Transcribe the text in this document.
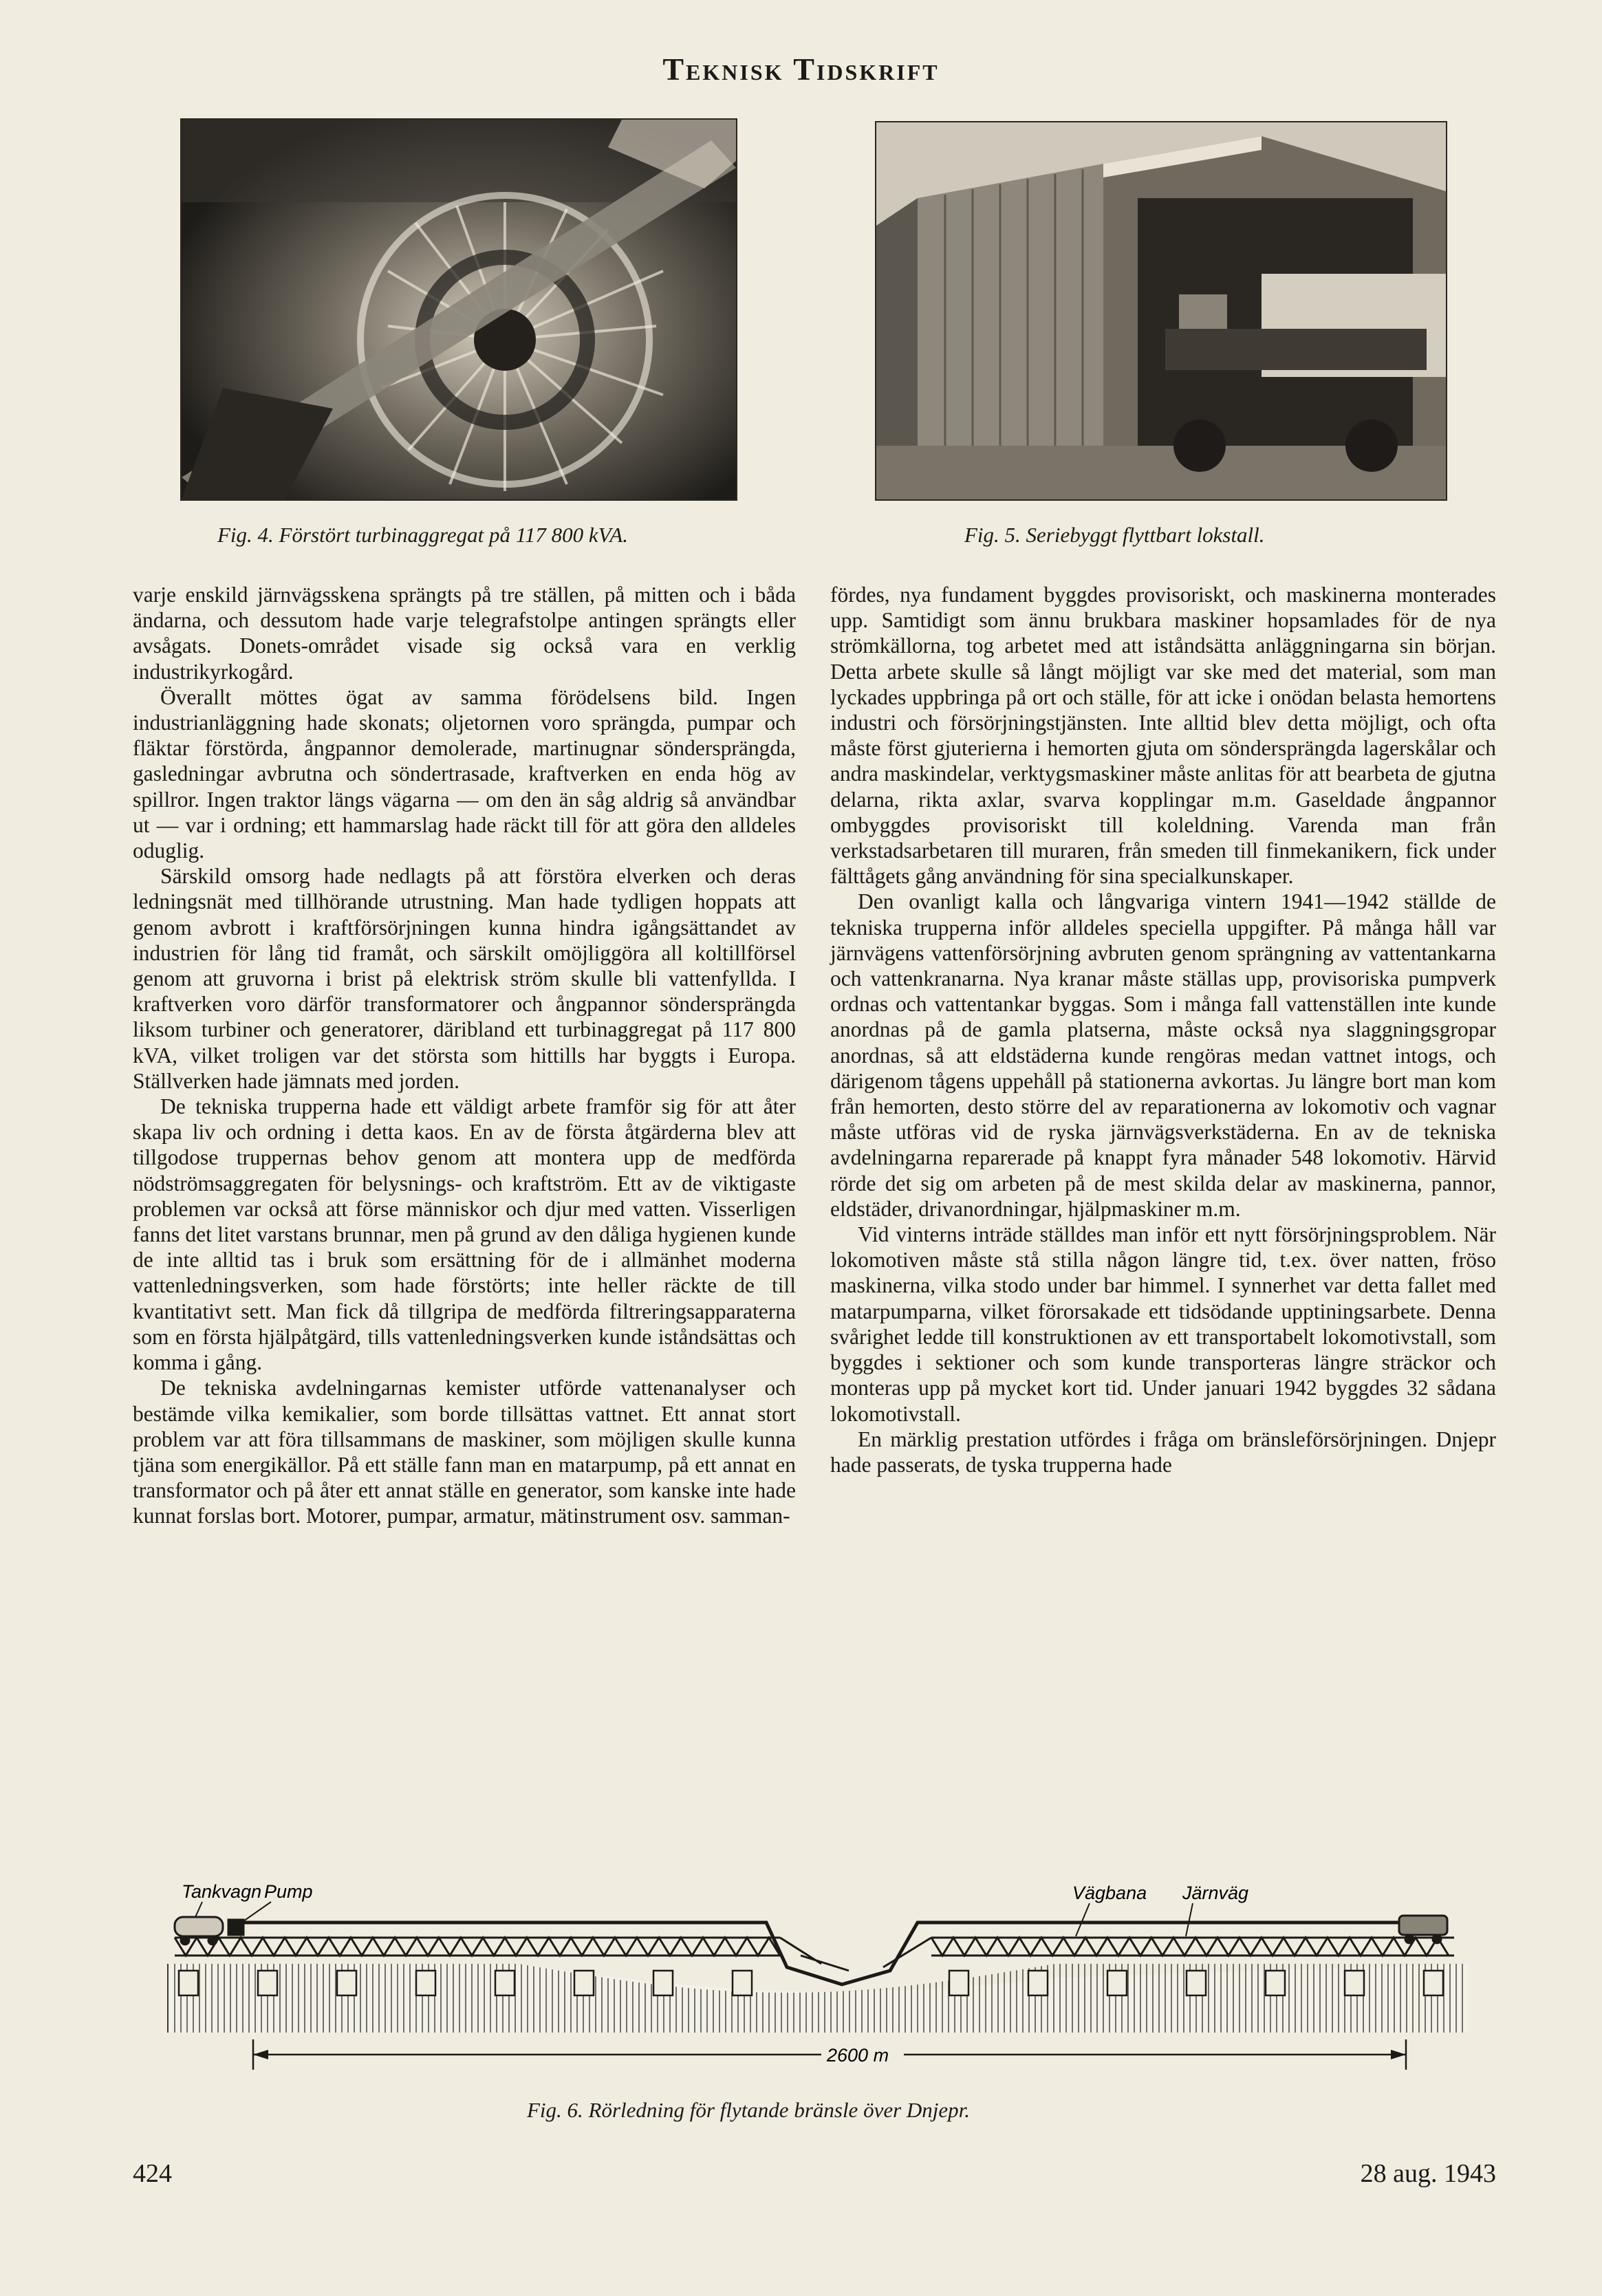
Teknisk Tidskrift
Fig. 4. Förstört turbinaggregat på 117 800 kVA.	Fig. 5. Seriebyggt flyttbart lokstall.

varje enskild järnvägsskena sprängts på tre ställen, på mitten och i båda ändarna, och dessutom hade varje telegrafstolpe antingen sprängts eller avsågats. Donets-området visade sig också vara en verklig industrikyrkogård.

Överallt möttes ögat av samma förödelsens bild. Ingen industrianläggning hade skonats; oljetornen voro sprängda, pumpar och fläktar förstörda, ångpannor demolerade, martinugnar söndersprängda, gasledningar avbrutna och söndertrasade, kraftverken en enda hög av spillror. Ingen traktor längs vägarna — om den än såg aldrig så användbar ut — var i ordning; ett hammarslag hade räckt till för att göra den alldeles oduglig.

Särskild omsorg hade nedlagts på att förstöra elverken och deras ledningsnät med tillhörande utrustning. Man hade tydligen hoppats att genom avbrott i kraftförsörjningen kunna hindra igångsättandet av industrien för lång tid framåt, och särskilt omöjliggöra all koltillförsel genom att gruvorna i brist på elektrisk ström skulle bli vattenfyllda. I kraftverken voro därför transformatorer och ångpannor söndersprängda liksom turbiner och generatorer, däribland ett turbinaggregat på 117 800 kVA, vilket troligen var det största som hittills har byggts i Europa. Ställverken hade jämnats med jorden.

De tekniska trupperna hade ett väldigt arbete framför sig för att åter skapa liv och ordning i detta kaos. En av de första åtgärderna blev att tillgodose truppernas behov genom att montera upp de medförda nödströmsaggregaten för belysnings- och kraftström. Ett av de viktigaste problemen var också att förse människor och djur med vatten. Visserligen fanns det litet varstans brunnar, men på grund av den dåliga hygienen kunde de inte alltid tas i bruk som ersättning för de i allmänhet moderna vattenledningsverken, som hade förstörts; inte heller räckte de till kvantitativt sett. Man fick då tillgripa de medförda filtreringsapparaterna som en första hjälpåtgärd, tills vattenledningsverken kunde iståndsättas och komma i gång.

De tekniska avdelningarnas kemister utförde vattenanalyser och bestämde vilka kemikalier, som borde tillsättas vattnet. Ett annat stort problem var att föra tillsammans de maskiner, som möjligen skulle kunna tjäna som energikällor. På ett ställe fann man en matarpump, på ett annat en transformator och på åter ett annat ställe en generator, som kanske inte hade kunnat forslas bort. Motorer, pumpar, armatur, mätinstrument osv. samman-

fördes, nya fundament byggdes provisoriskt, och maskinerna monterades upp. Samtidigt som ännu brukbara maskiner hopsamlades för de nya strömkällorna, tog arbetet med att iståndsätta anläggningarna sin början. Detta arbete skulle så långt möjligt var ske med det material, som man lyckades uppbringa på ort och ställe, för att icke i onödan belasta hemortens industri och försörjningstjänsten. Inte alltid blev detta möjligt, och ofta måste först gjuterierna i hemorten gjuta om söndersprängda lagerskålar och andra maskindelar, verktygsmaskiner måste anlitas för att bearbeta de gjutna delarna, rikta axlar, svarva kopplingar m.m. Gaseldade ångpannor ombyggdes provisoriskt till koleldning. Varenda man från verkstadsarbetaren till muraren, från smeden till finmekanikern, fick under fälttågets gång användning för sina specialkunskaper.

Den ovanligt kalla och långvariga vintern 1941—1942 ställde de tekniska trupperna inför alldeles speciella uppgifter. På många håll var järnvägens vattenförsörjning avbruten genom sprängning av vattentankarna och vattenkranarna. Nya kranar måste ställas upp, provisoriska pumpverk ordnas och vattentankar byggas. Som i många fall vattenställen inte kunde anordnas på de gamla platserna, måste också nya slaggningsgropar anordnas, så att eldstäderna kunde rengöras medan vattnet intogs, och därigenom tågens uppehåll på stationerna avkortas. Ju längre bort man kom från hemorten, desto större del av reparationerna av lokomotiv och vagnar måste utföras vid de ryska järnvägsverkstäderna. En av de tekniska avdelningarna reparerade på knappt fyra månader 548 lokomotiv. Härvid rörde det sig om arbeten på de mest skilda delar av maskinerna, pannor, eldstäder, drivanordningar, hjälpmaskiner m.m.

Vid vinterns inträde ställdes man inför ett nytt försörjningsproblem. När lokomotiven måste stå stilla någon längre tid, t.ex. över natten, fröso maskinerna, vilka stodo under bar himmel. I synnerhet var detta fallet med matarpumparna, vilket förorsakade ett tidsödande upptiningsarbete. Denna svårighet ledde till konstruktionen av ett transportabelt lokomotivstall, som byggdes i sektioner och som kunde transporteras längre sträckor och monteras upp på mycket kort tid. Under januari 1942 byggdes 32 sådana lokomotivstall.

En märklig prestation utfördes i fråga om bränsleförsörjningen. Dnjepr hade passerats, de tyska trupperna hade

Tankvagn Pump	Vägbana Järnväg
2600 m
Fig. 6. Rörledning för flytande bränsle över Dnjepr.
424	28 aug. 1943
